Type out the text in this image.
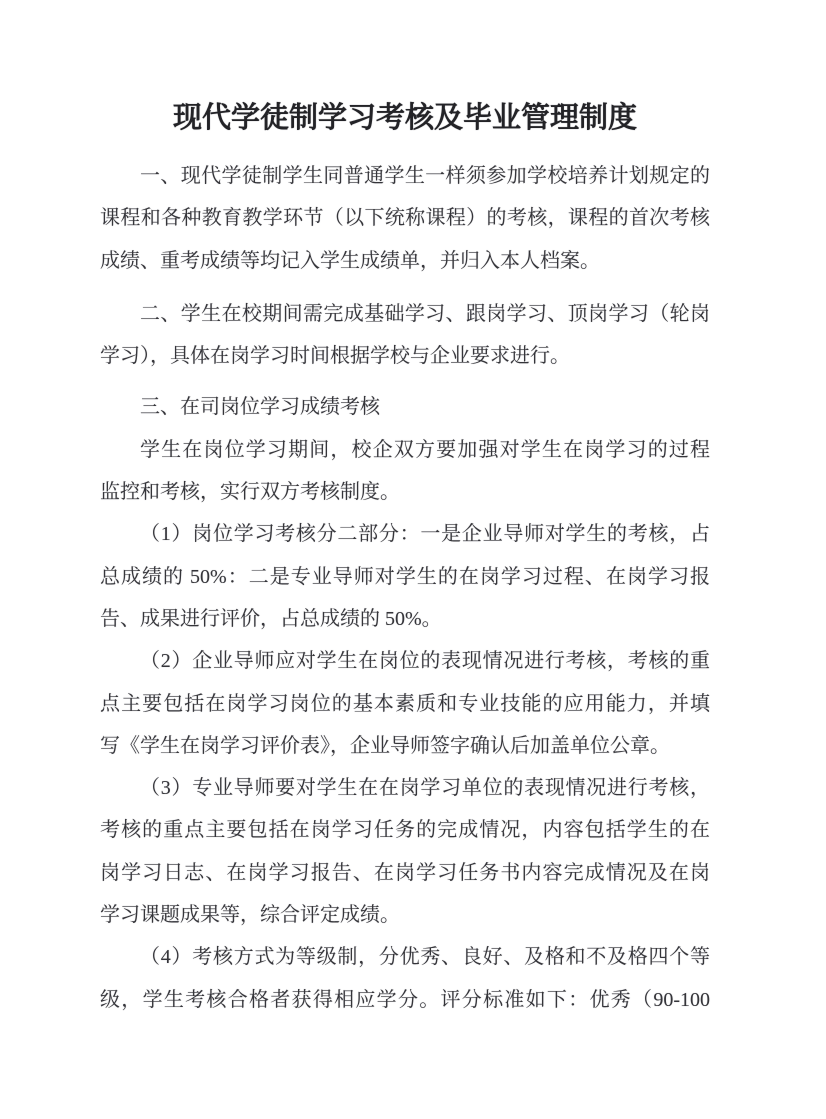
现代学徒制学习考核及毕业管理制度

一、现代学徒制学生同普通学生一样须参加学校培养计划规定的
课程和各种教育教学环节（以下统称课程）的考核，课程的首次考核
成绩、重考成绩等均记入学生成绩单，并归入本人档案。

二、学生在校期间需完成基础学习、跟岗学习、顶岗学习（轮岗
学习），具体在岗学习时间根据学校与企业要求进行。

三、在司岗位学习成绩考核

学生在岗位学习期间，校企双方要加强对学生在岗学习的过程
监控和考核，实行双方考核制度。

（1）岗位学习考核分二部分：一是企业导师对学生的考核，占
总成绩的 50%：二是专业导师对学生的在岗学习过程、在岗学习报
告、成果进行评价，占总成绩的 50%。

（2）企业导师应对学生在岗位的表现情况进行考核，考核的重
点主要包括在岗学习岗位的基本素质和专业技能的应用能力，并填
写《学生在岗学习评价表》，企业导师签字确认后加盖单位公章。

（3）专业导师要对学生在在岗学习单位的表现情况进行考核，
考核的重点主要包括在岗学习任务的完成情况，内容包括学生的在
岗学习日志、在岗学习报告、在岗学习任务书内容完成情况及在岗
学习课题成果等，综合评定成绩。

（4）考核方式为等级制，分优秀、良好、及格和不及格四个等
级，学生考核合格者获得相应学分。评分标准如下：优秀（90-100
